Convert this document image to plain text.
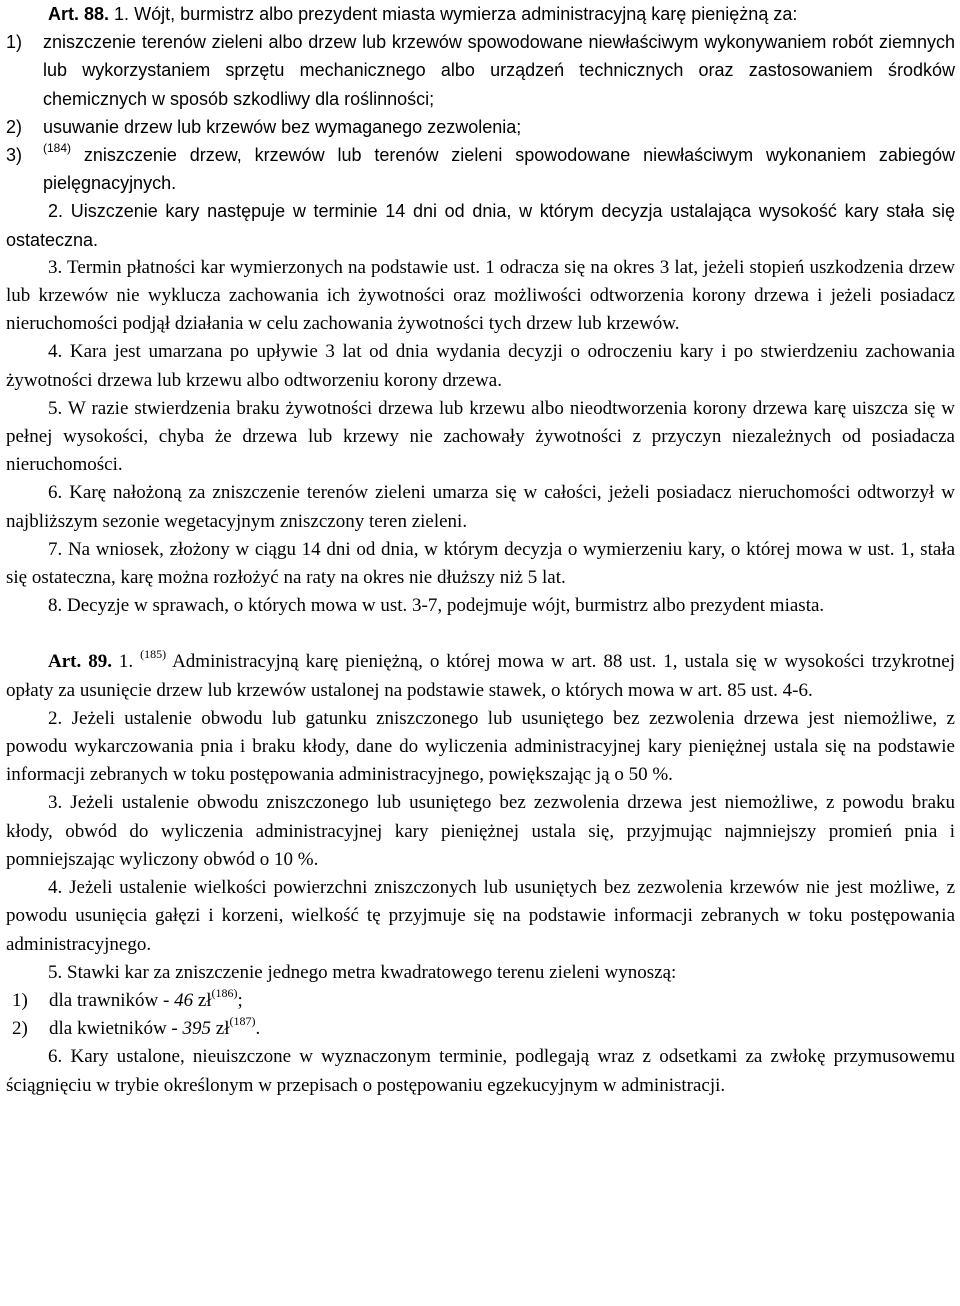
Art. 88. 1. Wójt, burmistrz albo prezydent miasta wymierza administracyjną karę pieniężną za:

1)	zniszczenie terenów zieleni albo drzew lub krzewów spowodowane niewłaściwym wykonywaniem robót ziemnych lub wykorzystaniem sprzętu mechanicznego albo urządzeń technicznych oraz zastosowaniem środków chemicznych w sposób szkodliwy dla roślinności;
2)	usuwanie drzew lub krzewów bez wymaganego zezwolenia;
3)	$^{(184)}$ zniszczenie drzew, krzewów lub terenów zieleni spowodowane niewłaściwym wykonaniem zabiegów pielęgnacyjnych.

2. Uiszczenie kary następuje w terminie 14 dni od dnia, w którym decyzja ustalająca wysokość kary stała się ostateczna.

3. Termin płatności kar wymierzonych na podstawie ust. 1 odracza się na okres 3 lat, jeżeli stopień uszkodzenia drzew lub krzewów nie wyklucza zachowania ich żywotności oraz możliwości odtworzenia korony drzewa i jeżeli posiadacz nieruchomości podjął działania w celu zachowania żywotności tych drzew lub krzewów.

4. Kara jest umarzana po upływie 3 lat od dnia wydania decyzji o odroczeniu kary i po stwierdzeniu zachowania żywotności drzewa lub krzewu albo odtworzeniu korony drzewa.

5. W razie stwierdzenia braku żywotności drzewa lub krzewu albo nieodtworzenia korony drzewa karę uiszcza się w pełnej wysokości, chyba że drzewa lub krzewy nie zachowały żywotności z przyczyn niezależnych od posiadacza nieruchomości.

6. Karę nałożoną za zniszczenie terenów zieleni umarza się w całości, jeżeli posiadacz nieruchomości odtworzył w najbliższym sezonie wegetacyjnym zniszczony teren zieleni.

7. Na wniosek, złożony w ciągu 14 dni od dnia, w którym decyzja o wymierzeniu kary, o której mowa w ust. 1, stała się ostateczna, karę można rozłożyć na raty na okres nie dłuższy niż 5 lat.

8. Decyzje w sprawach, o których mowa w ust. 3-7, podejmuje wójt, burmistrz albo prezydent miasta.

Art. 89. 1. $^{(185)}$ Administracyjną karę pieniężną, o której mowa w art. 88 ust. 1, ustala się w wysokości trzykrotnej opłaty za usunięcie drzew lub krzewów ustalonej na podstawie stawek, o których mowa w art. 85 ust. 4-6.

2. Jeżeli ustalenie obwodu lub gatunku zniszczonego lub usuniętego bez zezwolenia drzewa jest niemożliwe, z powodu wykarczowania pnia i braku kłody, dane do wyliczenia administracyjnej kary pieniężnej ustala się na podstawie informacji zebranych w toku postępowania administracyjnego, powiększając ją o 50 %.

3. Jeżeli ustalenie obwodu zniszczonego lub usuniętego bez zezwolenia drzewa jest niemożliwe, z powodu braku kłody, obwód do wyliczenia administracyjnej kary pieniężnej ustala się, przyjmując najmniejszy promień pnia i pomniejszając wyliczony obwód o 10 %.

4. Jeżeli ustalenie wielkości powierzchni zniszczonych lub usuniętych bez zezwolenia krzewów nie jest możliwe, z powodu usunięcia gałęzi i korzeni, wielkość tę przyjmuje się na podstawie informacji zebranych w toku postępowania administracyjnego.

5. Stawki kar za zniszczenie jednego metra kwadratowego terenu zieleni wynoszą:

1) dla trawników - 46 $zł^{(186)}$;

2) dla kwietników - 395 $zł^{(187)}$.

6. Kary ustalone, nieuiszczone w wyznaczonym terminie, podlegają wraz z odsetkami za zwłokę przymusowemu ściągnięciu w trybie określonym w przepisach o postępowaniu egzekucyjnym w administracji.
